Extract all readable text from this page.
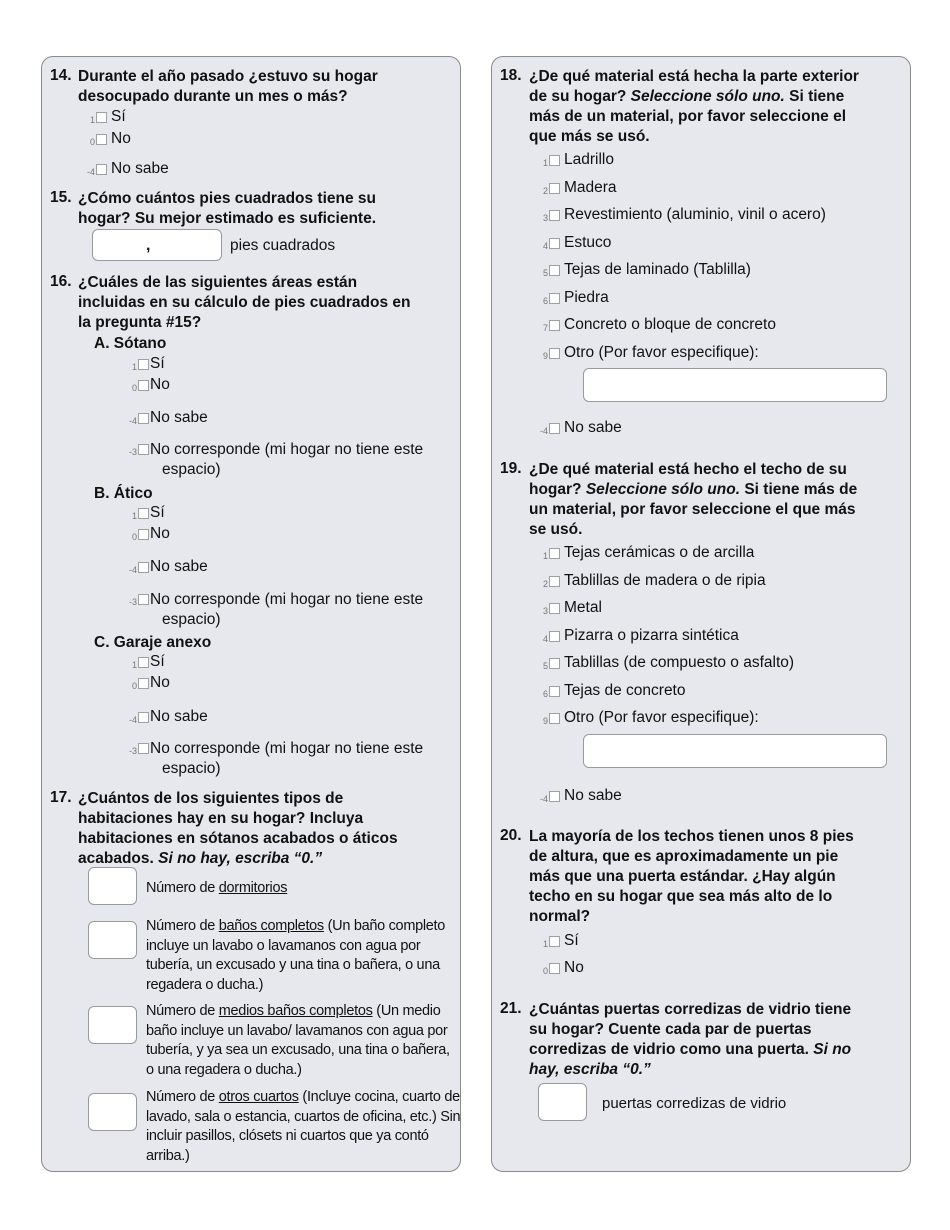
14. Durante el año pasado ¿estuvo su hogar
desocupado durante un mes o más?
1 Sí
0 No
-4 No sabe
15. ¿Cómo cuántos pies cuadrados tiene su
hogar? Su mejor estimado es suficiente.
,	pies cuadrados
16. ¿Cuáles de las siguientes áreas están
incluidas en su cálculo de pies cuadrados en
la pregunta #15?
A. Sótano
1 Sí
0 No
-4 No sabe
-3 No corresponde (mi hogar no tiene este
espacio)
B. Ático
1 Sí
0 No
-4 No sabe
-3 No corresponde (mi hogar no tiene este
espacio)
C. Garaje anexo
1 Sí
0 No
-4 No sabe
-3 No corresponde (mi hogar no tiene este
espacio)
17. ¿Cuántos de los siguientes tipos de
habitaciones hay en su hogar? Incluya
habitaciones en sótanos acabados o áticos
acabados. Si no hay, escriba “0.”
Número de dormitorios
Número de baños completos (Un baño completo incluye un lavabo o lavamanos con agua por tubería, un excusado y una tina o bañera, o una regadera o ducha.)
Número de medios baños completos (Un medio baño incluye un lavabo/ lavamanos con agua por tubería, y ya sea un excusado, una tina o bañera, o una regadera o ducha.)
Número de otros cuartos (Incluye cocina, cuarto de lavado, sala o estancia, cuartos de oficina, etc.) Sin incluir pasillos, clósets ni cuartos que ya contó arriba.)
18. ¿De qué material está hecha la parte exterior
de su hogar? Seleccione sólo uno. Si tiene
más de un material, por favor seleccione el
que más se usó.
1 Ladrillo
2 Madera
3 Revestimiento (aluminio, vinil o acero)
4 Estuco
5 Tejas de laminado (Tablilla)
6 Piedra
7 Concreto o bloque de concreto
9 Otro (Por favor especifique):
-4 No sabe
19. ¿De qué material está hecho el techo de su
hogar? Seleccione sólo uno. Si tiene más de
un material, por favor seleccione el que más
se usó.
1 Tejas cerámicas o de arcilla
2 Tablillas de madera o de ripia
3 Metal
4 Pizarra o pizarra sintética
5 Tablillas (de compuesto o asfalto)
6 Tejas de concreto
9 Otro (Por favor especifique):
-4 No sabe
20. La mayoría de los techos tienen unos 8 pies
de altura, que es aproximadamente un pie
más que una puerta estándar. ¿Hay algún
techo en su hogar que sea más alto de lo
normal?
1 Sí
0 No
21. ¿Cuántas puertas corredizas de vidrio tiene
su hogar? Cuente cada par de puertas
corredizas de vidrio como una puerta. Si no
hay, escriba “0.”
puertas corredizas de vidrio
